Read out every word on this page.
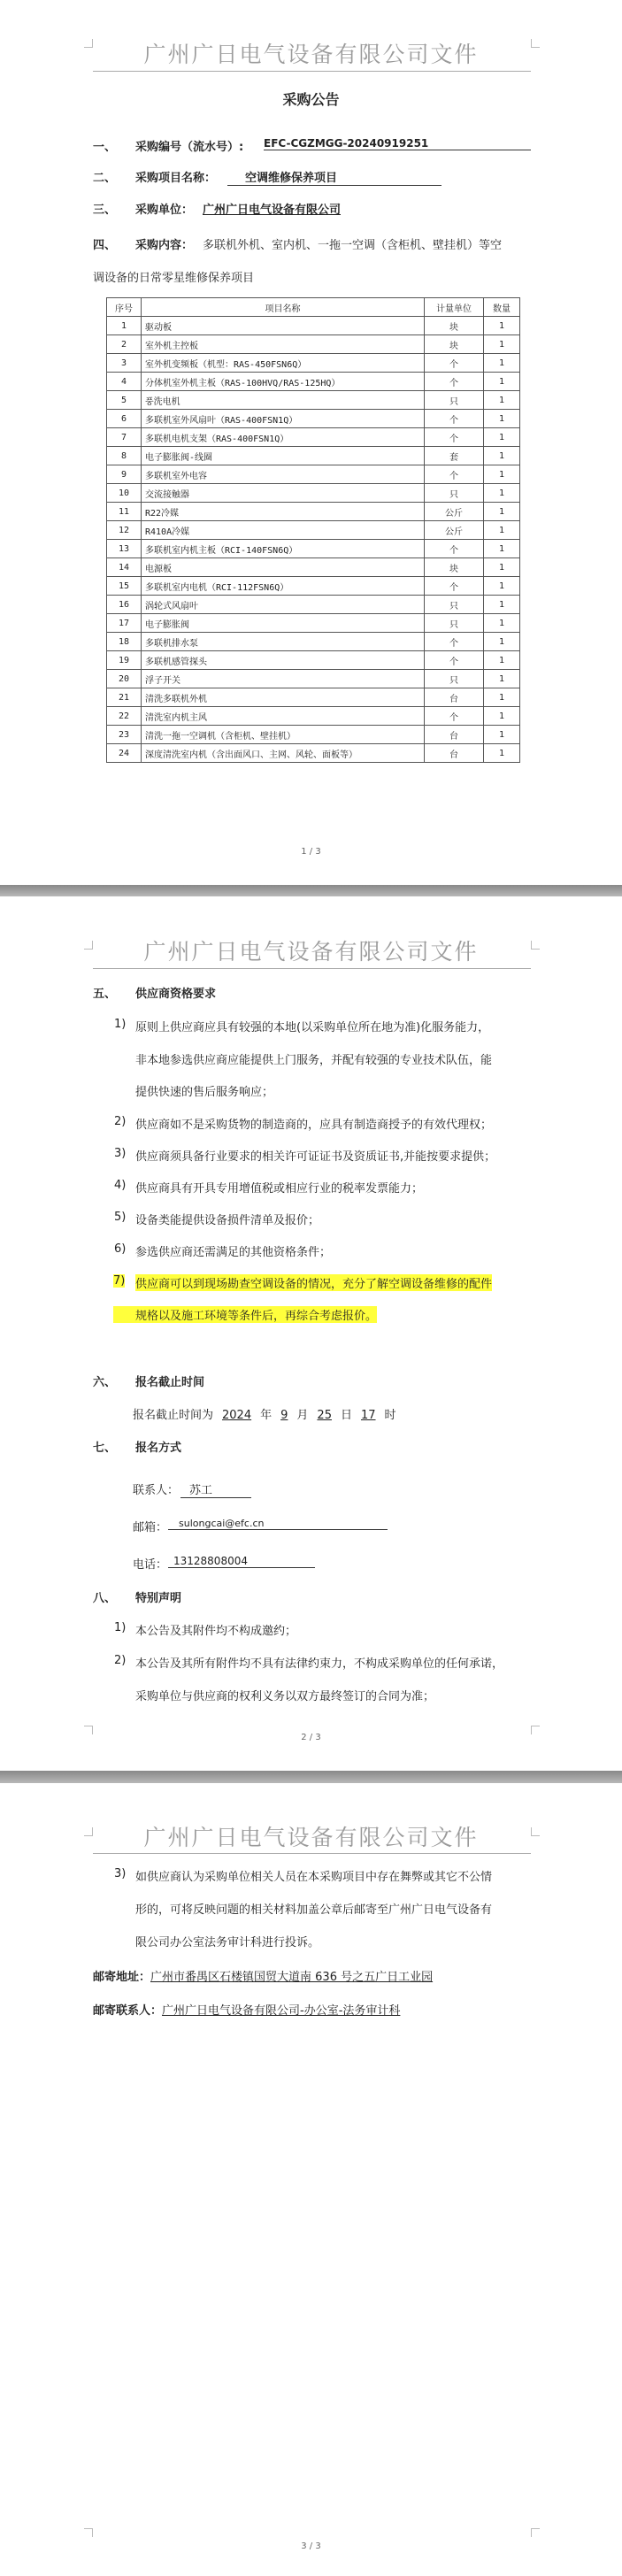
广州广日电气设备有限公司文件
采购公告
一、 采购编号（流水号）: EFC-CGZMGG-20240919251
二、 采购项目名称：	空调维修保养项目
三、 采购单位： 广州广日电气设备有限公司
四、 采购内容： 多联机外机、室内机、一拖一空调（含柜机、壁挂机）等空
调设备的日常零星维修保养项目
序号	项目名称	计量单位	数量
1	驱动板	块	1
2	室外机主控板	块	1
3	室外机变频板（机型：RAS-450FSN6Q）	个	1
4	分体机室外机主板（RAS-100HVQ/RAS-125HQ）	个	1
5	풍洗电机	只	1
6	多联机室外风扇叶（RAS-400FSN1Q）	个	1
7	多联机电机支架（RAS-400FSN1Q）	个	1
8	电子膨胀阀-线圈	套	1
9	多联机室外电容	个	1
10	交流接触器	只	1
11	R22冷媒	公斤	1
12	R410A冷媒	公斤	1
13	多联机室内机主板（RCI-140FSN6Q）	个	1
14	电源板	块	1
15	多联机室内电机（RCI-112FSN6Q）	个	1
16	涡轮式风扇叶	只	1
17	电子膨胀阀	只	1
18	多联机排水泵	个	1
19	多联机感管探头	个	1
20	浮子开关	只	1
21	清洗多联机外机	台	1
22	清洗室内机主风	个	1
23	清洗一拖一空调机（含柜机、壁挂机）	台	1
24	深度清洗室内机（含出面风口、主网、风轮、面板等）	台	1
1 / 3
广州广日电气设备有限公司文件
五、 供应商资格要求
1) 原则上供应商应具有较强的本地(以采购单位所在地为准)化服务能力，
非本地参选供应商应能提供上门服务，并配有较强的专业技术队伍，能
提供快速的售后服务响应；
2) 供应商如不是采购货物的制造商的，应具有制造商授予的有效代理权；
3) 供应商须具备行业要求的相关许可证证书及资质证书,并能按要求提供；
4) 供应商具有开具专用增值税或相应行业的税率发票能力；
5) 设备类能提供设备损件清单及报价；
6) 参选供应商还需满足的其他资格条件；
7) 供应商可以到现场勘查空调设备的情况，充分了解空调设备维修的配件
规格以及施工环境等条件后，再综合考虑报价。
六、 报名截止时间
报名截止时间为 2024 年 9 月 25 日 17 时
七、 报名方式
联系人： 苏工
邮箱：	sulongcai@efc.cn
电话： 13128808004
八、 特别声明
1) 本公告及其附件均不构成邀约；
2) 本公告及其所有附件均不具有法律约束力，不构成采购单位的任何承诺，
采购单位与供应商的权利义务以双方最终签订的合同为准；
2 / 3
广州广日电气设备有限公司文件
3) 如供应商认为采购单位相关人员在本采购项目中存在舞弊或其它不公情
形的，可将反映问题的相关材料加盖公章后邮寄至广州广日电气设备有
限公司办公室法务审计科进行投诉。
邮寄地址：广州市番禺区石楼镇国贸大道南 636 号之五广日工业园
邮寄联系人：广州广日电气设备有限公司-办公室-法务审计科
3 / 3
